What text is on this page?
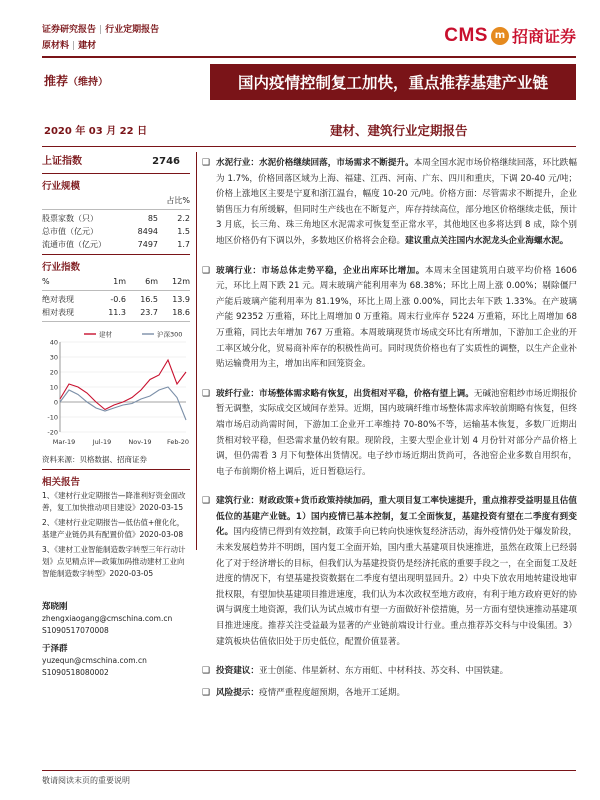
证券研究报告 | 行业定期报告
原材料 | 建材
CMS m 招商证券
推荐（维持）	国内疫情控制复工加快，重点推荐基建产业链
2020 年 03 月 22 日	建材、建筑行业定期报告
上证指数	2746
行业规模
占比%
股票家数（只）	85	2.2
总市值（亿元）	8494	1.5
流通市值（亿元）	7497	1.7
行业指数
%	1m	6m	12m
绝对表现	-0.6	16.5	13.9
相对表现	11.3	23.7	18.6
40
30
20
10
0
-10
-20
Mar-19	Jul-19	Nov-19 Feb-20
建材	沪深300
资料来源：贝格数据、招商证券
相关报告
1、《建材行业定期报告—降准利好资金面改善，复工加快推动项目建设》2020-03-15
2、《建材行业定期报告—低估值+催化化，基建产业链仍具有配置价值》2020-03-08
3、《建材工业智能制造数字转型三年行动计划》点见精点评—政策加码推动建材工业向智能制造数字转型》2020-03-05
郑晓刚
zhengxiaogang@cmschina.com.cn
S1090517070008
于泽群
yuzequn@cmschina.com.cn
S1090518080002
❑ 水泥行业：水泥价格继续回落，市场需求不断提升。本周全国水泥市场价格继续回落，环比跌幅为 1.7%，价格回落区域为上海、福建、江西、河南、广东、四川和重庆，下调 20-40 元/吨；价格上涨地区主要是宁夏和浙江温台，幅度 10-20 元/吨。价格方面：尽管需求不断提升，企业销售压力有所缓解，但同时生产线也在不断复产，库存持续高位，部分地区价格继续走低，预计 3 月底，长三角、珠三角地区水泥需求可恢复至正常水平，其他地区也多将达到 8 成，除个别地区价格仍有下调以外，多数地区价格将会企稳。建议重点关注国内水泥龙头企业海螺水泥。
❑ 玻璃行业：市场总体走势平稳，企业出库环比增加。本周末全国建筑用白玻平均价格 1606 元，环比上周下跌 21 元。周末玻璃产能利用率为 68.38%；环比上周上涨 0.00%；剔除僵尸产能后玻璃产能利用率为 81.19%，环比上周上涨 0.00%，同比去年下跌 1.33%。在产玻璃产能 92352 万重箱，环比上周增加 0 万重箱。周末行业库存 5224 万重箱，环比上周增加 68 万重箱，同比去年增加 767 万重箱。本周玻璃现货市场成交环比有所增加，下游加工企业的开工率区域分化，贸易商补库存的积极性尚可。同时现货价格也有了实质性的调整，以生产企业补贴运输费用为主，增加出库和回笼资金。
❑ 玻纤行业：市场整体需求略有恢复，出货相对平稳，价格有望上调。无碱池窑粗纱市场近期报价暂无调整，实际成交区域间存差异。近期，国内玻璃纤维市场整体需求库较前期略有恢复，但终端市场启动尚需时间，下游加工企业开工率维持 70-80%不等，运输基本恢复，多数厂近期出货相对较平稳，但恐需求量仍较有限。现阶段，主要大型企业计划 4 月份针对部分产品价格上调，但仍需看 3 月下旬整体出货情况。电子纱市场近期出货尚可，各池窑企业多数自用织布，电子布前期价格上调后，近日暂稳运行。
❑ 建筑行业：财政政策+货币政策持续加码，重大项目复工率快速提升，重点推荐受益明显且估值低位的基建产业链。1）国内疫情已基本控制，复工全面恢复，基建投资有望在二季度有到变化。国内疫情已得到有效控制，政策手向已转向快速恢复经济活动，海外疫情仍处于爆发阶段，未来发展趋势并不明朗，国内复工全面开始，国内重大基建项目快速推进，虽然在政策上已经弱化了对于经济增长的目标，但我们认为基建投资仍是经济托底的重要手段之一，在全面复工及赶进度的情况下，有望基建投资数据在二季度有望出现明显回升。2）中央下放农用地转建设地审批权限，有望加快基建项目推进速度，我们认为本次政权至地方政府，有利于地方政府更好的协调与调度土地资源，我们认为试点城市有望一方面做好补偿措施，另一方面有望快速推动基建项目推进速度。推荐关注受益最为显著的产业链前端设计行业。重点推荐苏交科与中设集团。3）建筑板块估值依旧处于历史低位，配置价值显著。
❑ 投资建议：亚士创能、伟星新材、东方雨虹、中材科技、苏交科、中国铁建。
❑ 风险提示：疫情严重程度超预期，各地开工延期。
敬请阅读末页的重要说明
